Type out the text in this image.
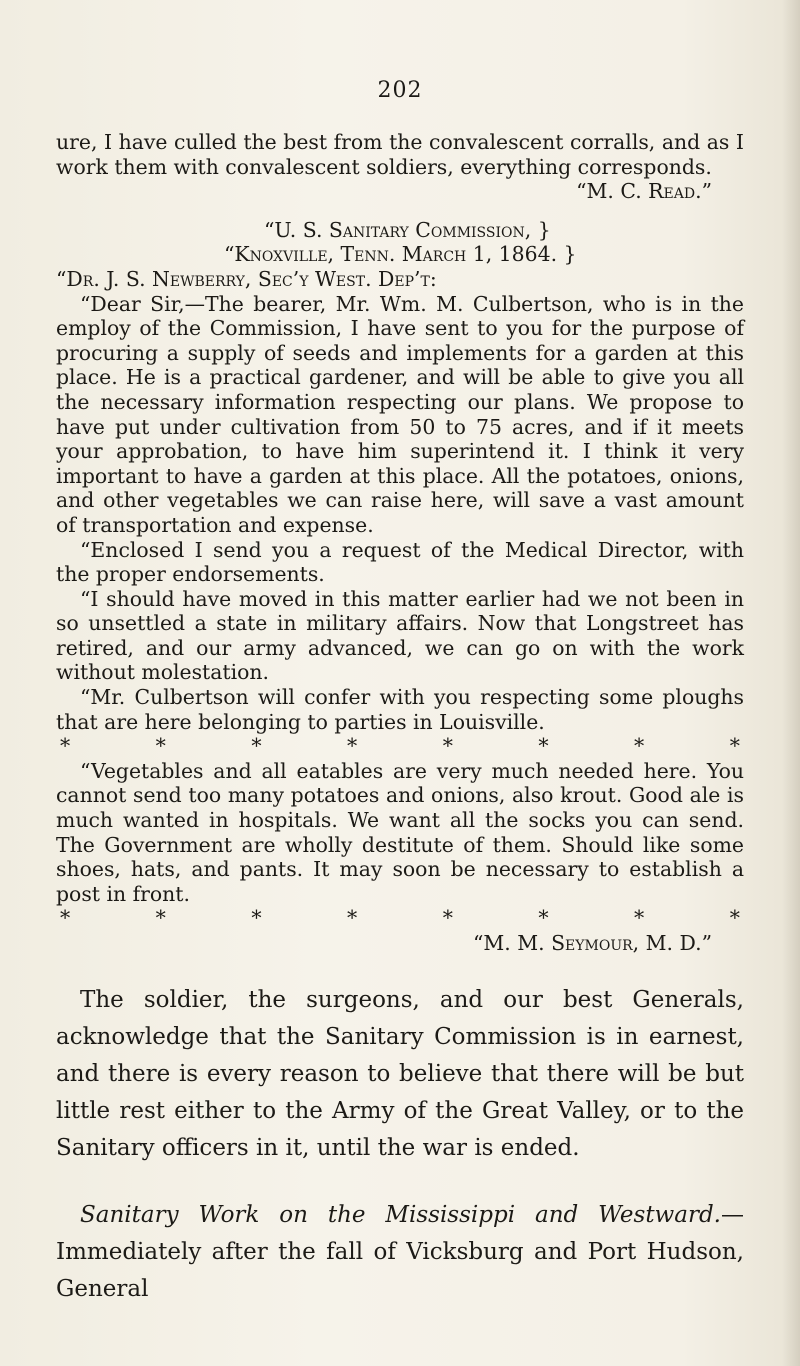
202

ure, I have culled the best from the convalescent corralls, and as I work them with convalescent soldiers, everything corresponds.

“M. C. Read.”

“U. S. Sanitary Commission, }

“Knoxville, Tenn. March 1, 1864. }

“Dr. J. S. Newberry, Sec’y West. Dep’t:

“Dear Sir,—The bearer, Mr. Wm. M. Culbertson, who is in the employ of the Commission, I have sent to you for the purpose of procuring a supply of seeds and implements for a garden at this place. He is a practical gardener, and will be able to give you all the necessary information respecting our plans. We propose to have put under cultivation from 50 to 75 acres, and if it meets your approbation, to have him superintend it. I think it very important to have a garden at this place. All the potatoes, onions, and other vegetables we can raise here, will save a vast amount of transportation and expense.

“Enclosed I send you a request of the Medical Director, with the proper endorsements.

“I should have moved in this matter earlier had we not been in so unsettled a state in military affairs. Now that Longstreet has retired, and our army advanced, we can go on with the work without molestation.

“Mr. Culbertson will confer with you respecting some ploughs that are here belonging to parties in Louisville.

*	*	*	*	*	*	*	*

“Vegetables and all eatables are very much needed here. You cannot send too many potatoes and onions, also krout. Good ale is much wanted in hospitals. We want all the socks you can send. The Government are wholly destitute of them. Should like some shoes, hats, and pants. It may soon be necessary to establish a post in front.

*	*	*	*	*	*	*	*

“M. M. Seymour, M. D.”

The soldier, the surgeons, and our best Generals, acknowledge that the Sanitary Commission is in earnest, and there is every reason to believe that there will be but little rest either to the Army of the Great Valley, or to the Sanitary officers in it, until the war is ended.

Sanitary Work on the Mississippi and Westward.—Immediately after the fall of Vicksburg and Port Hudson, General
